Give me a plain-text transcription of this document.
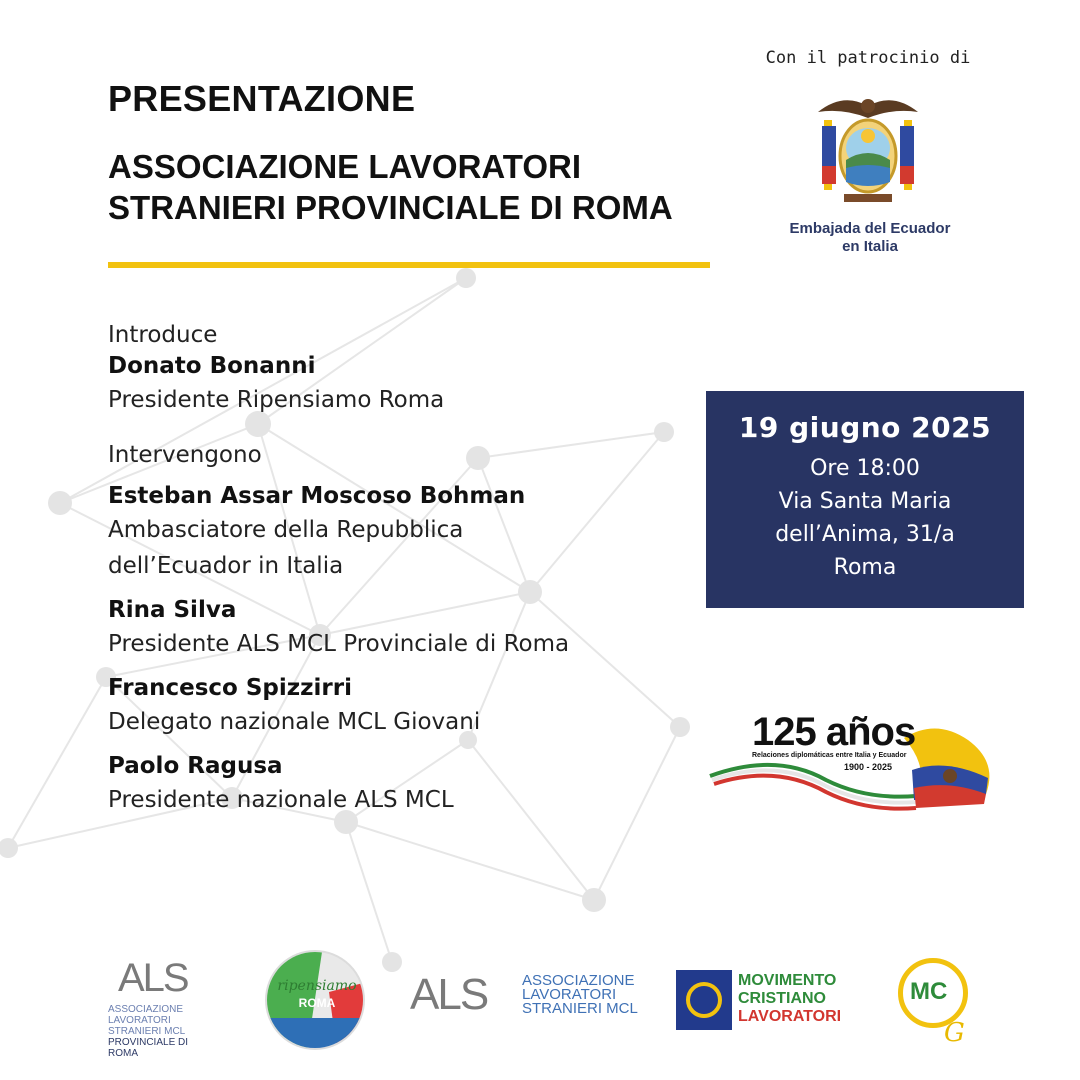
PRESENTAZIONE
ASSOCIAZIONE LAVORATORI
STRANIERI PROVINCIALE DI ROMA
Con il patrocinio di
Embajada del Ecuador
en Italia
Introduce
Donato Bonanni
Presidente Ripensiamo Roma
Intervengono
Esteban Assar Moscoso Bohman
Ambasciatore della Repubblica
dell’Ecuador in Italia
Rina Silva
Presidente ALS MCL Provinciale di Roma
Francesco Spizzirri
Delegato nazionale MCL Giovani
Paolo Ragusa
Presidente nazionale ALS MCL
19 giugno 2025
Ore 18:00
Via Santa Maria
dell’Anima, 31/a
Roma
125 años
Relaciones diplomáticas entre Italia y Ecuador
1900 - 2025
ALS
ASSOCIAZIONE
LAVORATORI
STRANIERI MCL
PROVINCIALE DI ROMA
ripensiamo
ROMA	ALS ASSOCIAZIONE
LAVORATORI
STRANIERI MCL
MOVIMENTO
CRISTIANO
LAVORATORI
MC
G
